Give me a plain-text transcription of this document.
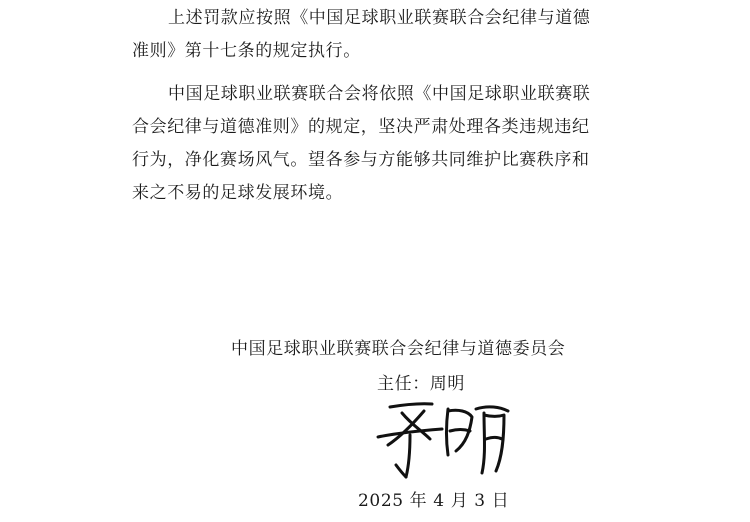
上述罚款应按照《中国足球职业联赛联合会纪律与道德
准则》第十七条的规定执行。
中国足球职业联赛联合会将依照《中国足球职业联赛联
合会纪律与道德准则》的规定，坚决严肃处理各类违规违纪
行为，净化赛场风气。望各参与方能够共同维护比赛秩序和
来之不易的足球发展环境。
中国足球职业联赛联合会纪律与道德委员会
主任：周明
2025 年 4 月 3 日
